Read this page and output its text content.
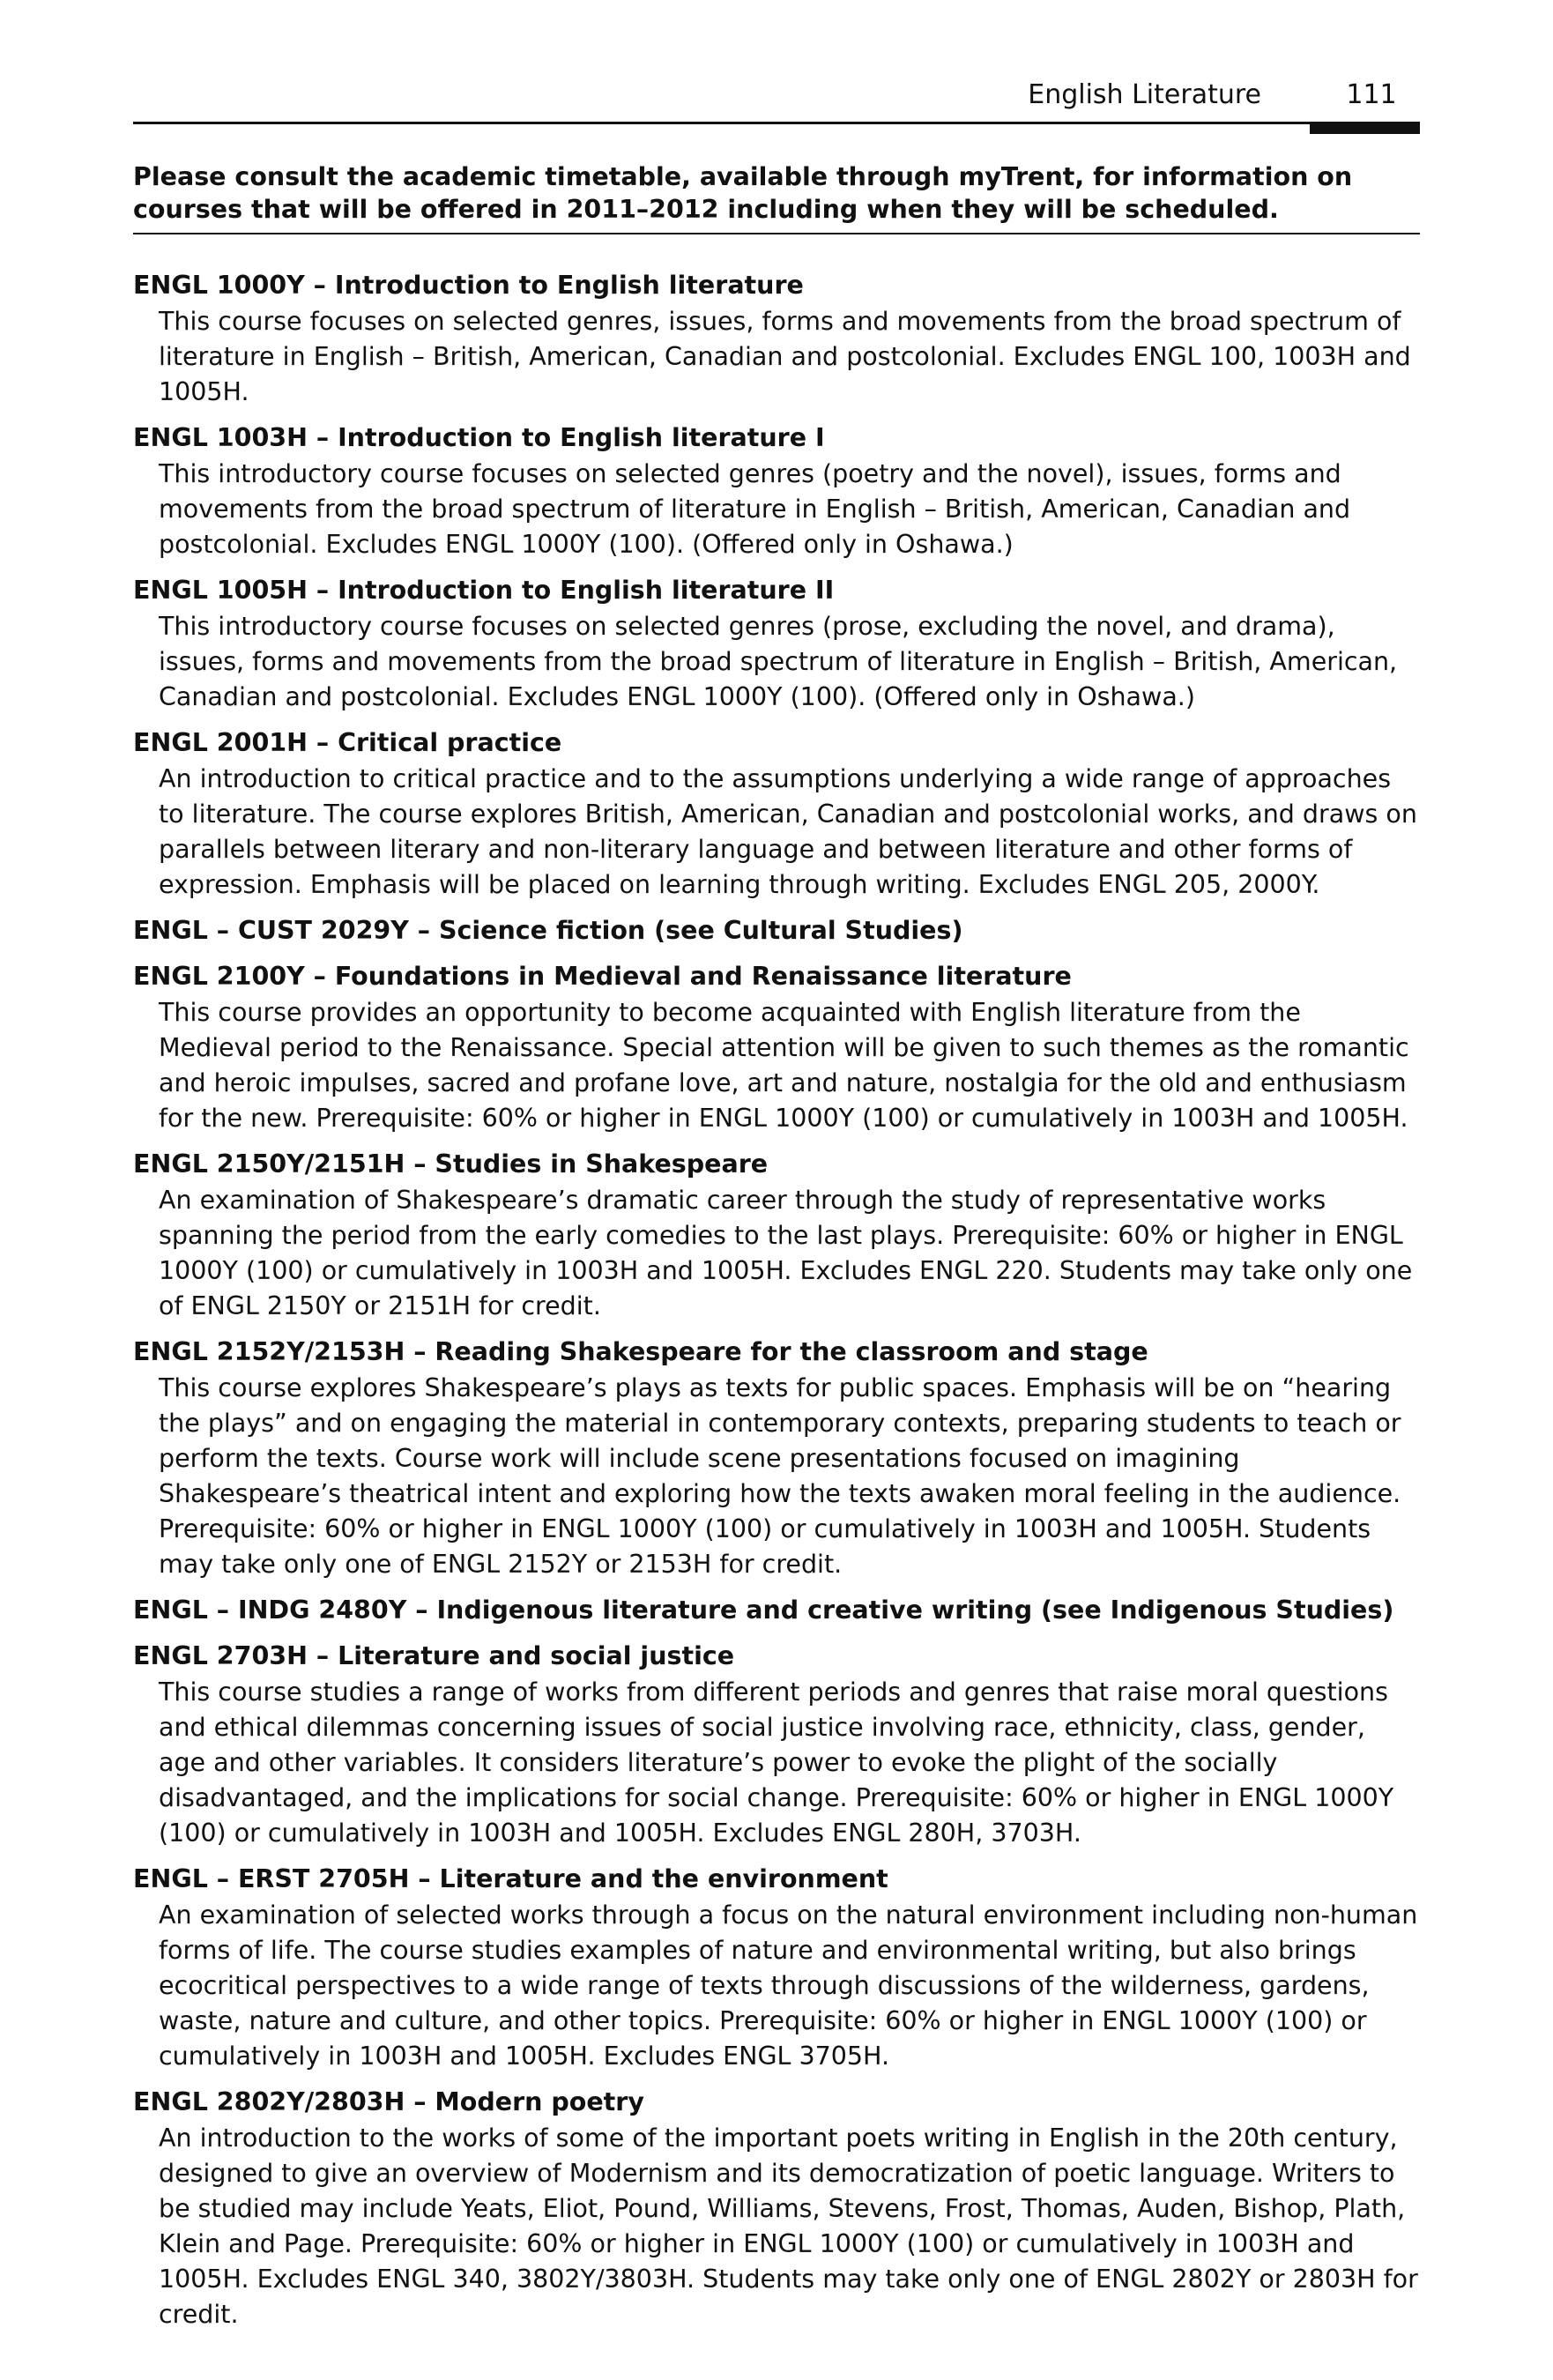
English Literature	111
Please consult the academic timetable, available through myTrent, for information on courses that will be offered in 2011–2012 including when they will be scheduled.
ENGL 1000Y – Introduction to English literature
This course focuses on selected genres, issues, forms and movements from the broad spectrum of literature in English – British, American, Canadian and postcolonial. Excludes ENGL 100, 1003H and 1005H.
ENGL 1003H – Introduction to English literature I
This introductory course focuses on selected genres (poetry and the novel), issues, forms and movements from the broad spectrum of literature in English – British, American, Canadian and postcolonial. Excludes ENGL 1000Y (100). (Offered only in Oshawa.)
ENGL 1005H – Introduction to English literature II
This introductory course focuses on selected genres (prose, excluding the novel, and drama), issues, forms and movements from the broad spectrum of literature in English – British, American, Canadian and postcolonial. Excludes ENGL 1000Y (100). (Offered only in Oshawa.)
ENGL 2001H – Critical practice
An introduction to critical practice and to the assumptions underlying a wide range of approaches to literature. The course explores British, American, Canadian and postcolonial works, and draws on parallels between literary and non-literary language and between literature and other forms of expression. Emphasis will be placed on learning through writing. Excludes ENGL 205, 2000Y.
ENGL – CUST 2029Y – Science fiction (see Cultural Studies)
ENGL 2100Y – Foundations in Medieval and Renaissance literature
This course provides an opportunity to become acquainted with English literature from the Medieval period to the Renaissance. Special attention will be given to such themes as the romantic and heroic impulses, sacred and profane love, art and nature, nostalgia for the old and enthusiasm for the new. Prerequisite: 60% or higher in ENGL 1000Y (100) or cumulatively in 1003H and 1005H.
ENGL 2150Y/2151H – Studies in Shakespeare
An examination of Shakespeare’s dramatic career through the study of representative works spanning the period from the early comedies to the last plays. Prerequisite: 60% or higher in ENGL 1000Y (100) or cumulatively in 1003H and 1005H. Excludes ENGL 220. Students may take only one of ENGL 2150Y or 2151H for credit.
ENGL 2152Y/2153H – Reading Shakespeare for the classroom and stage
This course explores Shakespeare’s plays as texts for public spaces. Emphasis will be on “hearing the plays” and on engaging the material in contemporary contexts, preparing students to teach or perform the texts. Course work will include scene presentations focused on imagining Shakespeare’s theatrical intent and exploring how the texts awaken moral feeling in the audience. Prerequisite: 60% or higher in ENGL 1000Y (100) or cumulatively in 1003H and 1005H. Students may take only one of ENGL 2152Y or 2153H for credit.
ENGL – INDG 2480Y – Indigenous literature and creative writing (see Indigenous Studies)
ENGL 2703H – Literature and social justice
This course studies a range of works from different periods and genres that raise moral questions and ethical dilemmas concerning issues of social justice involving race, ethnicity, class, gender, age and other variables. It considers literature’s power to evoke the plight of the socially disadvantaged, and the implications for social change. Prerequisite: 60% or higher in ENGL 1000Y (100) or cumulatively in 1003H and 1005H. Excludes ENGL 280H, 3703H.
ENGL – ERST 2705H – Literature and the environment
An examination of selected works through a focus on the natural environment including non-human forms of life. The course studies examples of nature and environmental writing, but also brings ecocritical perspectives to a wide range of texts through discussions of the wilderness, gardens, waste, nature and culture, and other topics. Prerequisite: 60% or higher in ENGL 1000Y (100) or cumulatively in 1003H and 1005H. Excludes ENGL 3705H.
ENGL 2802Y/2803H – Modern poetry
An introduction to the works of some of the important poets writing in English in the 20th century, designed to give an overview of Modernism and its democratization of poetic language. Writers to be studied may include Yeats, Eliot, Pound, Williams, Stevens, Frost, Thomas, Auden, Bishop, Plath, Klein and Page. Prerequisite: 60% or higher in ENGL 1000Y (100) or cumulatively in 1003H and 1005H. Excludes ENGL 340, 3802Y/3803H. Students may take only one of ENGL 2802Y or 2803H for credit.
